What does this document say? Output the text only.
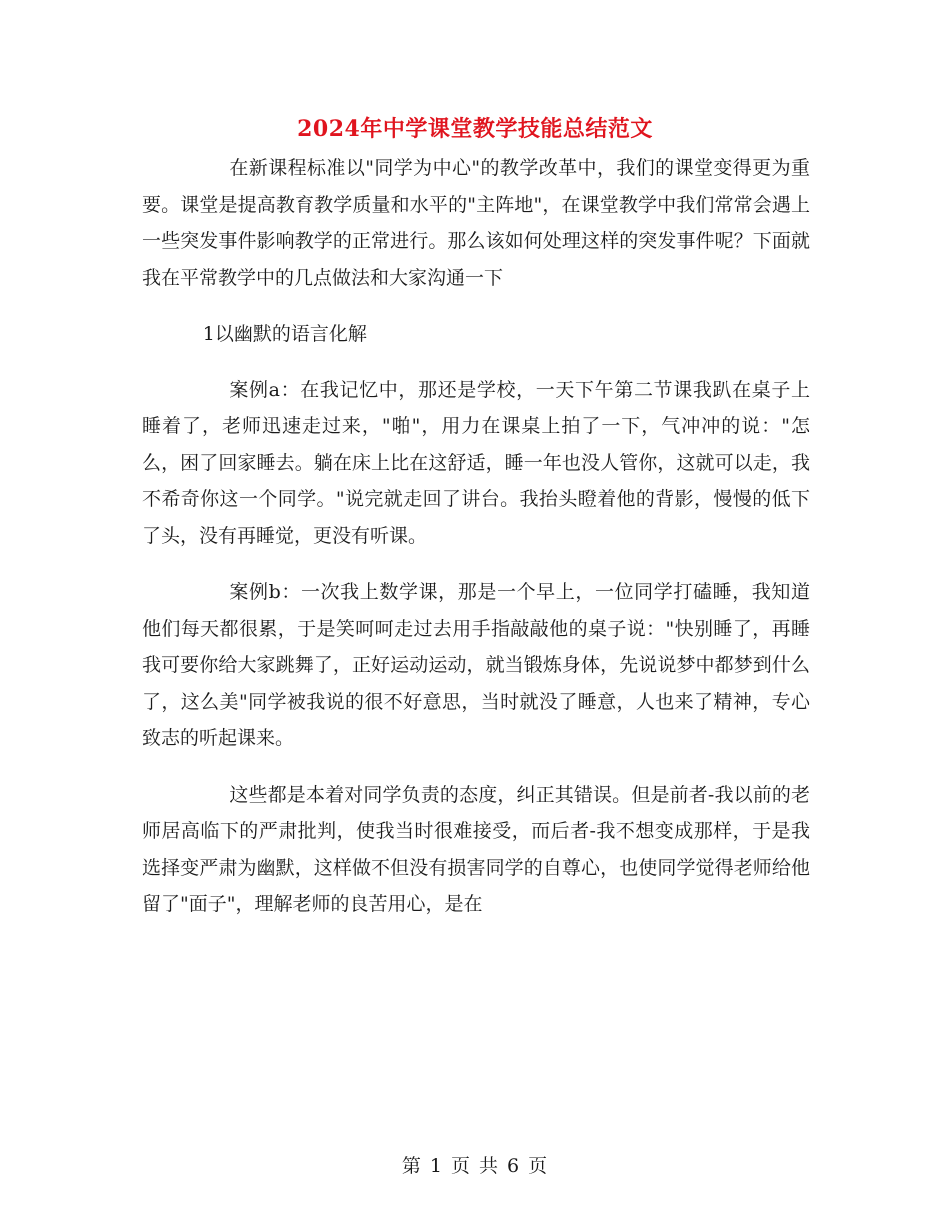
2024年中学课堂教学技能总结范文

在新课程标准以"同学为中心"的教学改革中，我们的课堂变得更为重要。课堂是提高教育教学质量和水平的"主阵地"，在课堂教学中我们常常会遇上一些突发事件影响教学的正常进行。那么该如何处理这样的突发事件呢？下面就我在平常教学中的几点做法和大家沟通一下

1以幽默的语言化解

案例a：在我记忆中，那还是学校，一天下午第二节课我趴在桌子上睡着了，老师迅速走过来，"啪"，用力在课桌上拍了一下，气冲冲的说："怎么，困了回家睡去。躺在床上比在这舒适，睡一年也没人管你，这就可以走，我不希奇你这一个同学。"说完就走回了讲台。我抬头瞪着他的背影，慢慢的低下了头，没有再睡觉，更没有听课。

案例b：一次我上数学课，那是一个早上，一位同学打磕睡，我知道他们每天都很累，于是笑呵呵走过去用手指敲敲他的桌子说："快别睡了，再睡我可要你给大家跳舞了，正好运动运动，就当锻炼身体，先说说梦中都梦到什么了，这么美"同学被我说的很不好意思，当时就没了睡意，人也来了精神，专心致志的听起课来。

这些都是本着对同学负责的态度，纠正其错误。但是前者-我以前的老师居高临下的严肃批判，使我当时很难接受，而后者-我不想变成那样，于是我选择变严肃为幽默，这样做不但没有损害同学的自尊心，也使同学觉得老师给他留了"面子"，理解老师的良苦用心，是在

第 1 页 共 6 页
